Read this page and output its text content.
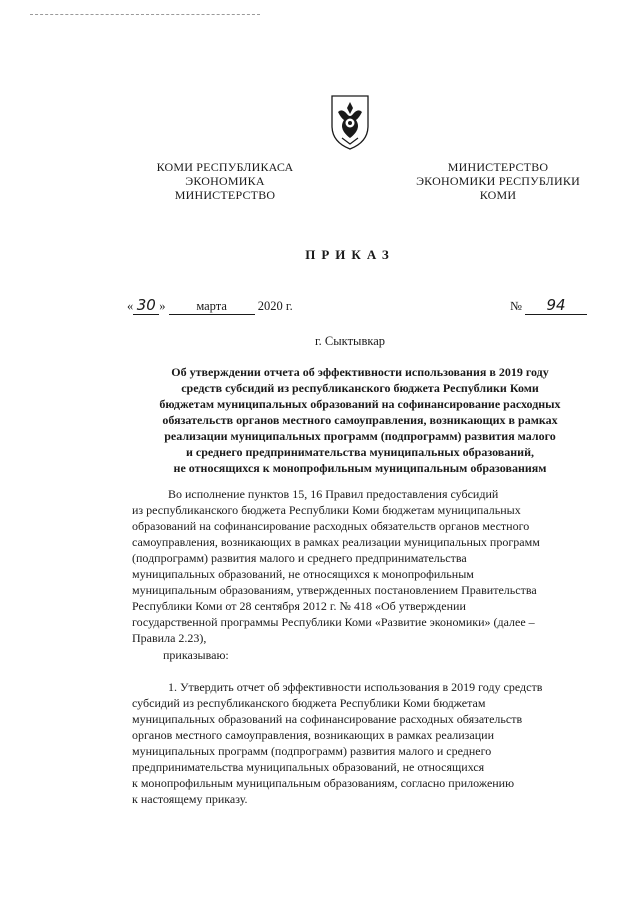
КОМИ РЕСПУБЛИКАСА
ЭКОНОМИКА
МИНИСТЕРСТВО
МИНИСТЕРСТВО
ЭКОНОМИКИ РЕСПУБЛИКИ
КОМИ
ПРИКАЗ
« 30 » марта 2020 г.	№ 94
г. Сыктывкар
Об утверждении отчета об эффективности использования в 2019 году
средств субсидий из республиканского бюджета Республики Коми
бюджетам муниципальных образований на софинансирование расходных
обязательств органов местного самоуправления, возникающих в рамках
реализации муниципальных программ (подпрограмм) развития малого
и среднего предпринимательства муниципальных образований,
не относящихся к монопрофильным муниципальным образованиям
Во исполнение пунктов 15, 16 Правил предоставления субсидий
из республиканского бюджета Республики Коми бюджетам муниципальных
образований на софинансирование расходных обязательств органов местного
самоуправления, возникающих в рамках реализации муниципальных программ
(подпрограмм) развития малого и среднего предпринимательства
муниципальных образований, не относящихся к монопрофильным
муниципальным образованиям, утвержденных постановлением Правительства
Республики Коми от 28 сентября 2012 г. № 418 «Об утверждении
государственной программы Республики Коми «Развитие экономики» (далее –
Правила 2.23),
приказываю:
1. Утвердить отчет об эффективности использования в 2019 году средств
субсидий из республиканского бюджета Республики Коми бюджетам
муниципальных образований на софинансирование расходных обязательств
органов местного самоуправления, возникающих в рамках реализации
муниципальных программ (подпрограмм) развития малого и среднего
предпринимательства муниципальных образований, не относящихся
к монопрофильным муниципальным образованиям, согласно приложению
к настоящему приказу.
